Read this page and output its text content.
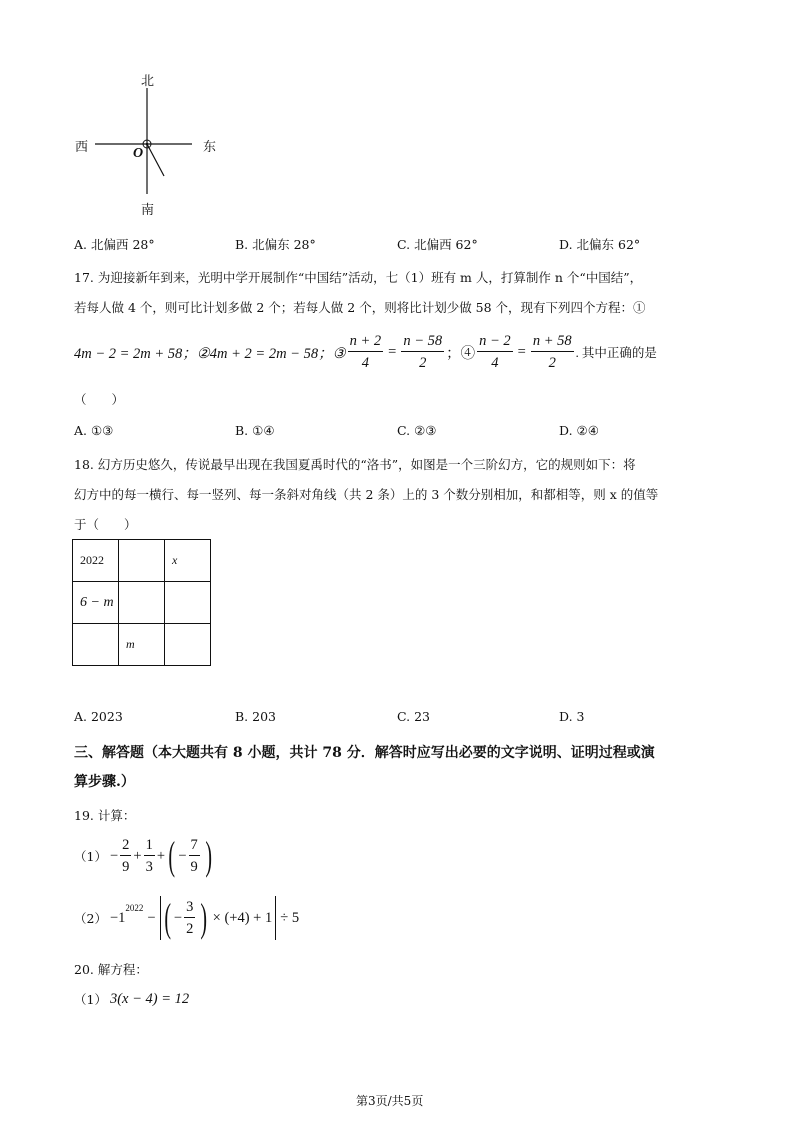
北
南
西	东
O
A. 北偏西 28°	B. 北偏东 28°	C. 北偏西 62°	D. 北偏东 62°
17. 为迎接新年到来，光明中学开展制作“中国结”活动，七（1）班有 m 人，打算制作 n 个“中国结”，
若每人做 4 个，则可比计划多做 2 个；若每人做 2 个，则将比计划少做 58 个，现有下列四个方程：①
4m − 2 = 2m + 58； ②4m + 2 = 2m − 58；③ $\frac{n + 2}{4} = \frac{n - 58}{2}$ ；④ $\frac{n - 2}{4} = \frac{n + 58}{2}$ . 其中正确的是
（　　）
A. ①③	B. ①④	C. ②③	D. ②④
18. 幻方历史悠久，传说最早出现在我国夏禹时代的“洛书”，如图是一个三阶幻方，它的规则如下：将
幻方中的每一横行、每一竖列、每一条斜对角线（共 2 条）上的 3 个数分别相加，和都相等，则 x 的值等
于（　　）
2022		x
6 − m		
	m	
A. 2023	B. 203	C. 23	D. 3
三、解答题（本大题共有 8 小题，共计 78 分．解答时应写出必要的文字说明、证明过程或演
算步骤.）
19. 计算：
$(1) - \frac{2}{9} + \frac{1}{3}$ + ( − $\frac{7}{9}$ )
（2） −1
2022
− ( − $\frac{3}{2}$ ) × (+4) + 1 ÷ 5
20. 解方程：
（1） 3(x − 4) = 12
第3页/共5页
